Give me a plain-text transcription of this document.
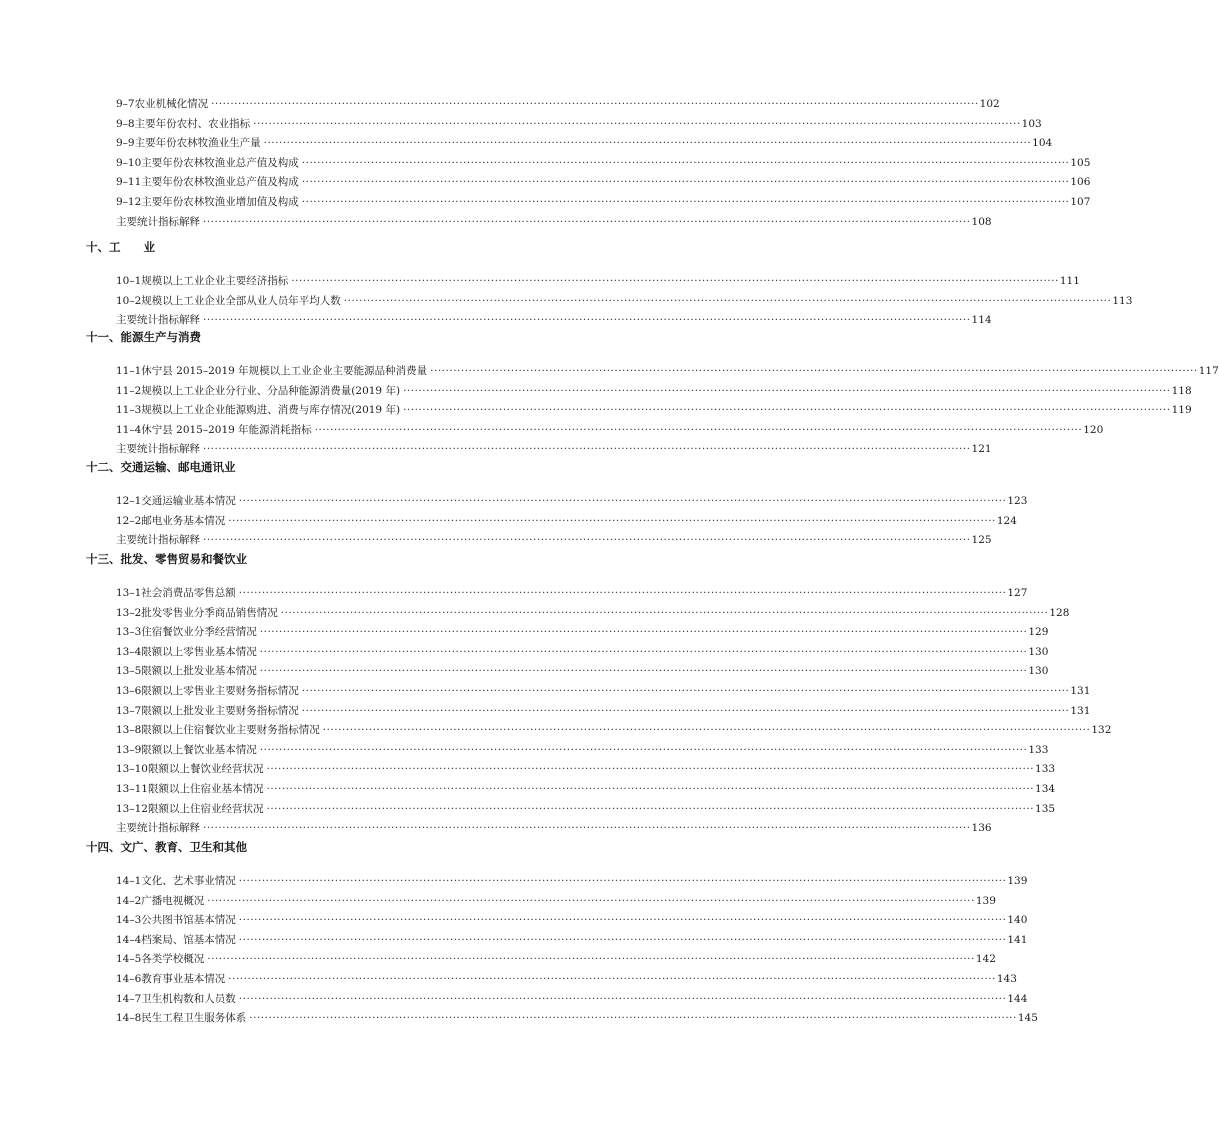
9–7 农业机械化情况 ········································································································································································································ 102
9–8 主要年份农村、农业指标 ········································································································································································································ 103
9–9 主要年份农林牧渔业生产量 ········································································································································································································ 104
9–10 主要年份农林牧渔业总产值及构成 ········································································································································································································ 105
9–11 主要年份农林牧渔业总产值及构成 ········································································································································································································ 106
9–12 主要年份农林牧渔业增加值及构成 ········································································································································································································ 107
主要统计指标解释 ········································································································································································································ 108
十、工　　业
10–1 规模以上工业企业主要经济指标 ········································································································································································································ 111
10–2 规模以上工业企业全部从业人员年平均人数 ········································································································································································································ 113
主要统计指标解释 ········································································································································································································ 114
十一、能源生产与消费
11–1 休宁县 2015–2019 年规模以上工业企业主要能源品种消费量 ········································································································································································································ 117
11–2 规模以上工业企业分行业、分品种能源消费量(2019 年) ········································································································································································································ 118
11–3 规模以上工业企业能源购进、消费与库存情况(2019 年) ········································································································································································································ 119
11–4 休宁县 2015–2019 年能源消耗指标 ········································································································································································································ 120
主要统计指标解释 ········································································································································································································ 121
十二、交通运输、邮电通讯业
12–1 交通运输业基本情况 ········································································································································································································ 123
12–2 邮电业务基本情况 ········································································································································································································ 124
主要统计指标解释 ········································································································································································································ 125
十三、批发、零售贸易和餐饮业
13–1 社会消费品零售总额 ········································································································································································································ 127
13–2 批发零售业分季商品销售情况 ········································································································································································································ 128
13–3 住宿餐饮业分季经营情况 ········································································································································································································ 129
13–4 限额以上零售业基本情况 ········································································································································································································ 130
13–5 限额以上批发业基本情况 ········································································································································································································ 130
13–6 限额以上零售业主要财务指标情况 ········································································································································································································ 131
13–7 限额以上批发业主要财务指标情况 ········································································································································································································ 131
13–8 限额以上住宿餐饮业主要财务指标情况 ········································································································································································································ 132
13–9 限额以上餐饮业基本情况 ········································································································································································································ 133
13–10 限额以上餐饮业经营状况 ········································································································································································································ 133
13–11 限额以上住宿业基本情况 ········································································································································································································ 134
13–12 限额以上住宿业经营状况 ········································································································································································································ 135
主要统计指标解释 ········································································································································································································ 136
十四、文广、教育、卫生和其他
14–1 文化、艺术事业情况 ········································································································································································································ 139
14–2 广播电视概况 ········································································································································································································ 139
14–3 公共图书馆基本情况 ········································································································································································································ 140
14–4 档案局、馆基本情况 ········································································································································································································ 141
14–5 各类学校概况 ········································································································································································································ 142
14–6 教育事业基本情况 ········································································································································································································ 143
14–7 卫生机构数和人员数 ········································································································································································································ 144
14–8 民生工程卫生服务体系 ········································································································································································································ 145
